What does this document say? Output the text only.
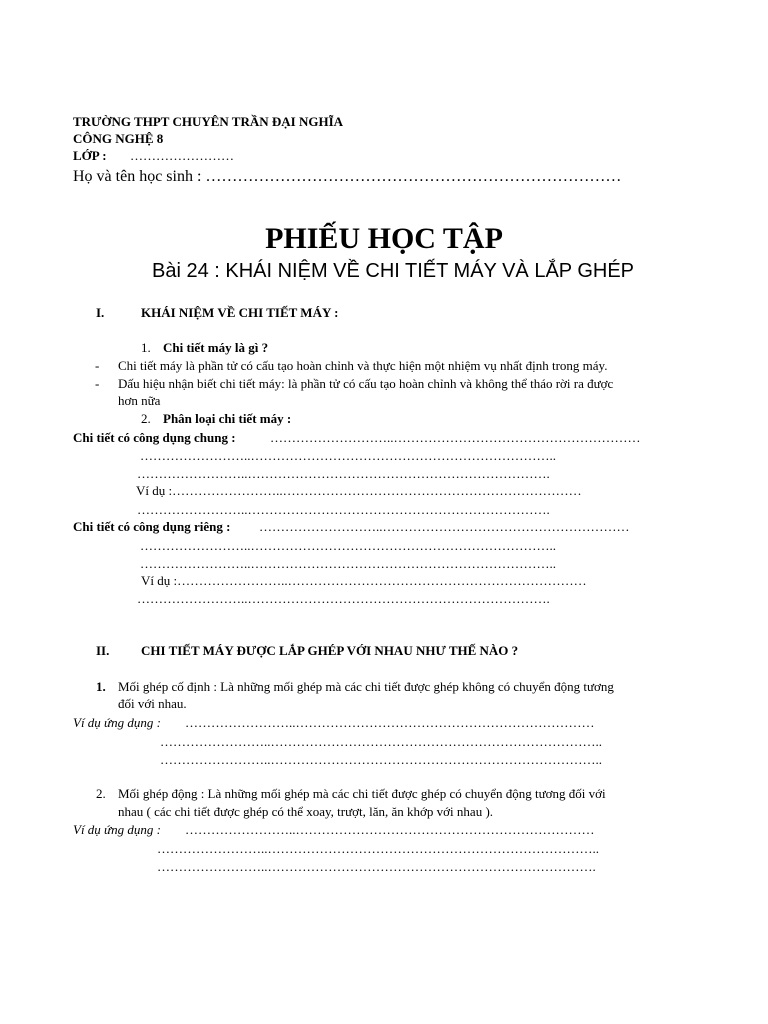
TRƯỜNG THPT CHUYÊN TRẦN ĐẠI NGHĨA
CÔNG NGHỆ 8
LỚP : ……………………
Họ và tên học sinh : ……………………………………………………………………
PHIẾU HỌC TẬP
Bài 24 : KHÁI NIỆM VỀ CHI TIẾT MÁY VÀ LẮP GHÉP
I.	KHÁI NIỆM VỀ CHI TIẾT MÁY :
1. Chi tiết máy là gì ?
- Chi tiết máy là phần tử có cấu tạo hoàn chỉnh và thực hiện một nhiệm vụ nhất định trong máy.
- Dấu hiệu nhận biết chi tiết máy: là phần tử có cấu tạo hoàn chỉnh và không thể tháo rời ra được
hơn nữa
2. Phân loại chi tiết máy :
Chi tiết có công dụng chung :	………………………..…………………………………………………
……………………..……………………………………………………………..
……………………..…………………………………………………………….
Ví dụ :……………………..……………………………………………………………
……………………..…………………………………………………………….
Chi tiết có công dụng riêng : ………………………..…………………………………………………
……………………..……………………………………………………………..
……………………..……………………………………………………………..
Ví dụ :……………………..……………………………………………………………
……………………..…………………………………………………………….
II. CHI TIẾT MÁY ĐƯỢC LẮP GHÉP VỚI NHAU NHƯ THẾ NÀO ?
1. Mối ghép cố định : Là những mối ghép mà các chi tiết được ghép không có chuyển động tương
đối với nhau.
Ví dụ ứng dụng : ……………………..……………………………………………………………
……………………..…………………………………………………………………..
……………………..…………………………………………………………………..
2. Mối ghép động : Là những mối ghép mà các chi tiết được ghép có chuyển động tương đối với
nhau ( các chi tiết được ghép có thể xoay, trượt, lăn, ăn khớp với nhau ).
Ví dụ ứng dụng : ……………………..……………………………………………………………
……………………..…………………………………………………………………..
……………………..………………………………………………………………….
